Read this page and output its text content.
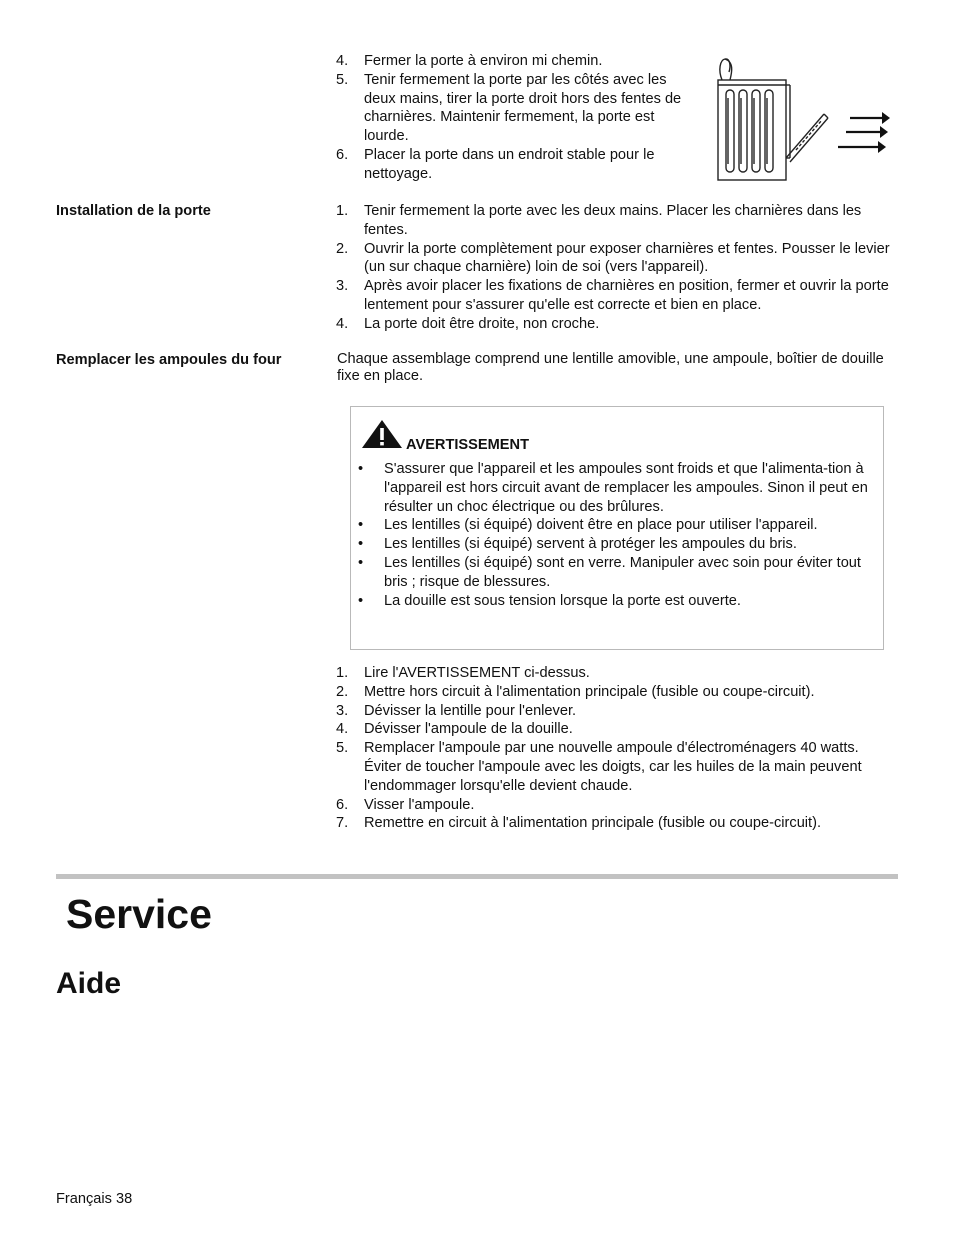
4. Fermer la porte à environ mi chemin.
5. Tenir fermement la porte par les côtés avec les deux mains, tirer la porte droit hors des fentes de charnières. Maintenir fermement, la porte est lourde.
6. Placer la porte dans un endroit stable pour le nettoyage.
Installation de la porte	1. Tenir fermement la porte avec les deux mains. Placer les charnières dans les fentes.
2. Ouvrir la porte complètement pour exposer charnières et fentes. Pousser le levier (un sur chaque charnière) loin de soi (vers l'appareil).
3. Après avoir placer les fixations de charnières en position, fermer et ouvrir la porte lentement pour s'assurer qu'elle est correcte et bien en place.
4. La porte doit être droite, non croche.
Remplacer les ampoules du four	Chaque assemblage comprend une lentille amovible, une ampoule, boîtier de douille fixe en place.
AVERTISSEMENT
• S'assurer que l'appareil et les ampoules sont froids et que l'alimenta-tion à l'appareil est hors circuit avant de remplacer les ampoules. Sinon il peut en résulter un choc électrique ou des brûlures.
• Les lentilles (si équipé) doivent être en place pour utiliser l'appareil.
• Les lentilles (si équipé) servent à protéger les ampoules du bris.
• Les lentilles (si équipé) sont en verre. Manipuler avec soin pour éviter tout bris ; risque de blessures.
• La douille est sous tension lorsque la porte est ouverte.
1. Lire l'AVERTISSEMENT ci-dessus.
2. Mettre hors circuit à l'alimentation principale (fusible ou coupe-circuit).
3. Dévisser la lentille pour l'enlever.
4. Dévisser l'ampoule de la douille.
5. Remplacer l'ampoule par une nouvelle ampoule d'électroménagers 40 watts. Éviter de toucher l'ampoule avec les doigts, car les huiles de la main peuvent l'endommager lorsqu'elle devient chaude.
6. Visser l'ampoule.
7. Remettre en circuit à l'alimentation principale (fusible ou coupe-circuit).
Service
Aide
Français 38
